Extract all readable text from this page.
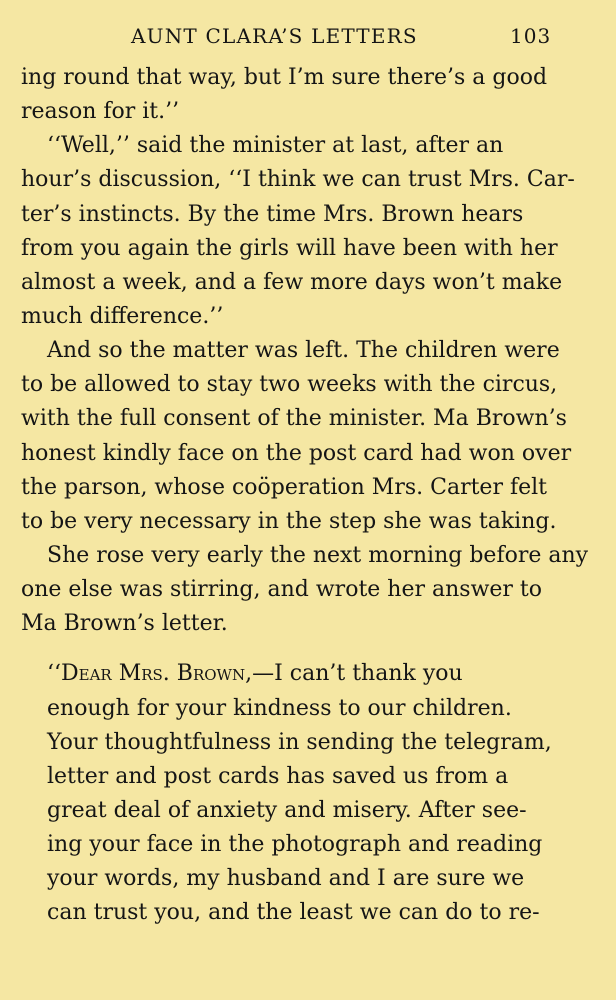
AUNT CLARA’S LETTERS	103
ing round that way, but I’m sure there’s a good
reason for it.’’
‘‘Well,’’ said the minister at last, after an
hour’s discussion, ‘‘I think we can trust Mrs. Car-
ter’s instincts. By the time Mrs. Brown hears
from you again the girls will have been with her
almost a week, and a few more days won’t make
much difference.’’
And so the matter was left. The children were
to be allowed to stay two weeks with the circus,
with the full consent of the minister. Ma Brown’s
honest kindly face on the post card had won over
the parson, whose coöperation Mrs. Carter felt
to be very necessary in the step she was taking.
She rose very early the next morning before any
one else was stirring, and wrote her answer to
Ma Brown’s letter.
‘‘Dear Mrs. Brown,—I can’t thank you
enough for your kindness to our children.
Your thoughtfulness in sending the telegram,
letter and post cards has saved us from a
great deal of anxiety and misery. After see-
ing your face in the photograph and reading
your words, my husband and I are sure we
can trust you, and the least we can do to re-
